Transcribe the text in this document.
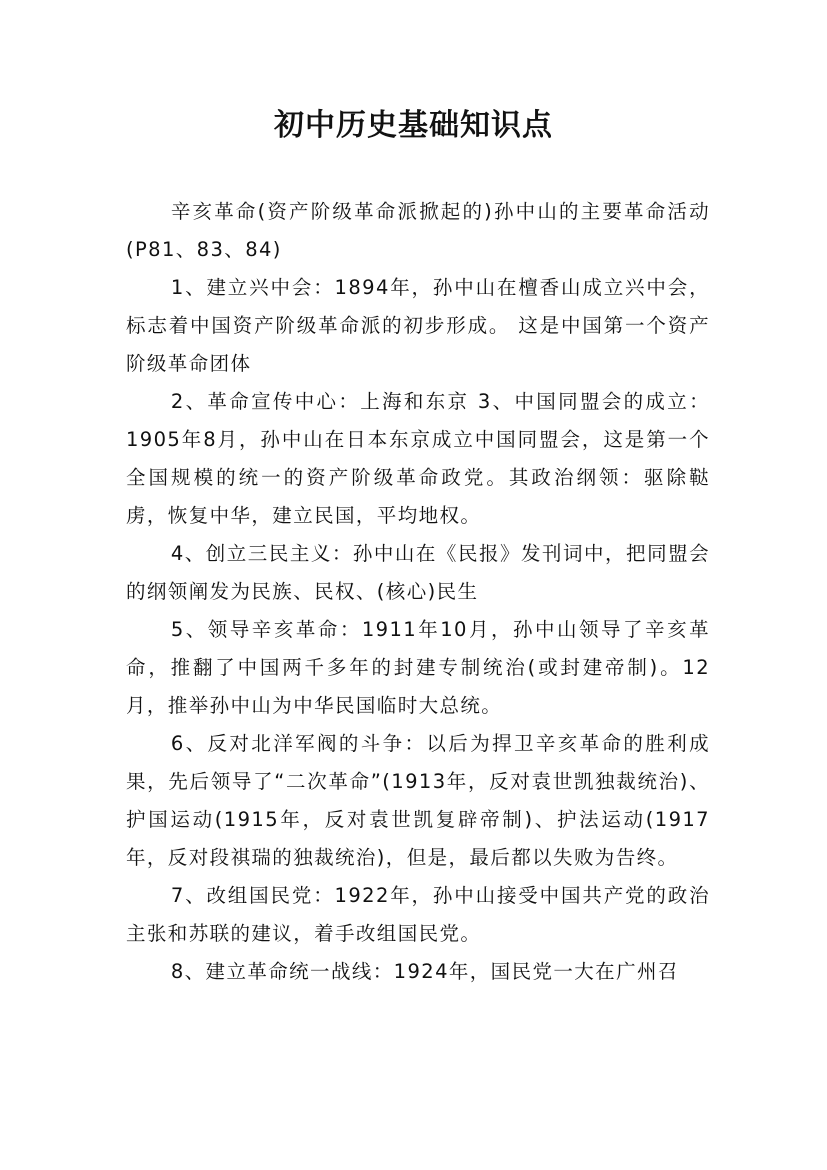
初中历史基础知识点

辛亥革命(资产阶级革命派掀起的)孙中山的主要革命活动 (P81、83、84)

1、建立兴中会：1894年，孙中山在檀香山成立兴中会，标志着中国资产阶级革命派的初步形成。 这是中国第一个资产阶级革命团体

2、革命宣传中心：上海和东京 3、中国同盟会的成立：1905年8月，孙中山在日本东京成立中国同盟会，这是第一个全国规模的统一的资产阶级革命政党。其政治纲领：驱除鞑虏，恢复中华，建立民国，平均地权。

4、创立三民主义：孙中山在《民报》发刊词中，把同盟会的纲领阐发为民族、民权、(核心)民生

5、领导辛亥革命：1911年10月，孙中山领导了辛亥革命，推翻了中国两千多年的封建专制统治(或封建帝制)。12月，推举孙中山为中华民国临时大总统。

6、反对北洋军阀的斗争：以后为捍卫辛亥革命的胜利成果，先后领导了“二次革命”(1913年，反对袁世凯独裁统治)、护国运动(1915年，反对袁世凯复辟帝制)、护法运动(1917年，反对段祺瑞的独裁统治)，但是，最后都以失败为告终。

7、改组国民党：1922年，孙中山接受中国共产党的政治主张和苏联的建议，着手改组国民党。

8、建立革命统一战线：1924年，国民党一大在广州召
